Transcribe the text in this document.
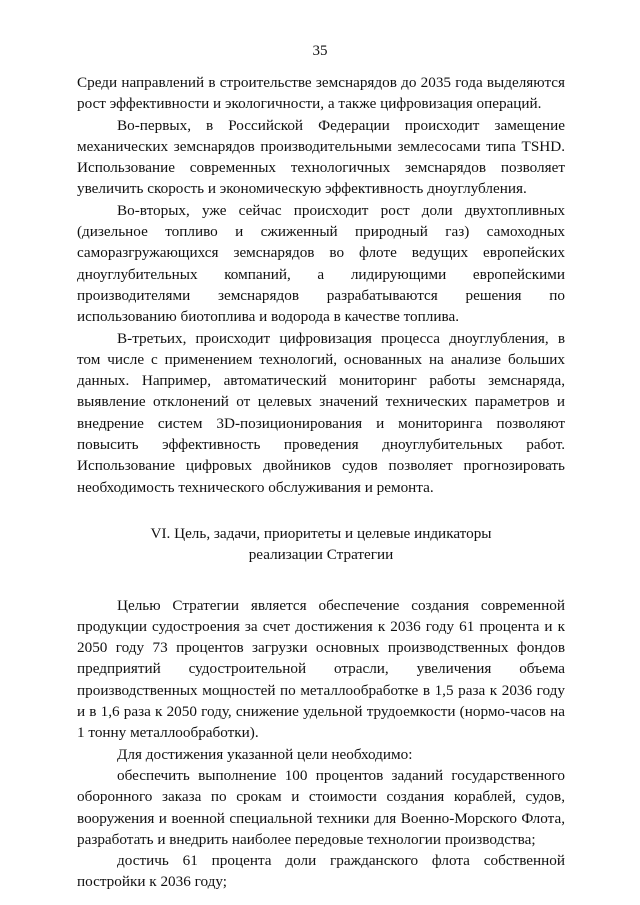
35

Среди направлений в строительстве земснарядов до 2035 года выделяются рост эффективности и экологичности, а также цифровизация операций.

Во-первых, в Российской Федерации происходит замещение механических земснарядов производительными землесосами типа TSHD. Использование современных технологичных земснарядов позволяет увеличить скорость и экономическую эффективность дноуглубления.

Во-вторых, уже сейчас происходит рост доли двухтопливных (дизельное топливо и сжиженный природный газ) самоходных саморазгружающихся земснарядов во флоте ведущих европейских дноуглубительных компаний, а лидирующими европейскими производителями земснарядов разрабатываются решения по использованию биотоплива и водорода в качестве топлива.

В-третьих, происходит цифровизация процесса дноуглубления, в том числе с применением технологий, основанных на анализе больших данных. Например, автоматический мониторинг работы земснаряда, выявление отклонений от целевых значений технических параметров и внедрение систем 3D-позиционирования и мониторинга позволяют повысить эффективность проведения дноуглубительных работ. Использование цифровых двойников судов позволяет прогнозировать необходимость технического обслуживания и ремонта.

VI. Цель, задачи, приоритеты и целевые индикаторы
реализации Стратегии

Целью Стратегии является обеспечение создания современной продукции судостроения за счет достижения к 2036 году 61 процента и к 2050 году 73 процентов загрузки основных производственных фондов предприятий судостроительной отрасли, увеличения объема производственных мощностей по металлообработке в 1,5 раза к 2036 году и в 1,6 раза к 2050 году, снижение удельной трудоемкости (нормо-часов на 1 тонну металлообработки).

Для достижения указанной цели необходимо:

обеспечить выполнение 100 процентов заданий государственного оборонного заказа по срокам и стоимости создания кораблей, судов, вооружения и военной специальной техники для Военно-Морского Флота, разработать и внедрить наиболее передовые технологии производства;

достичь 61 процента доли гражданского флота собственной постройки к 2036 году;
